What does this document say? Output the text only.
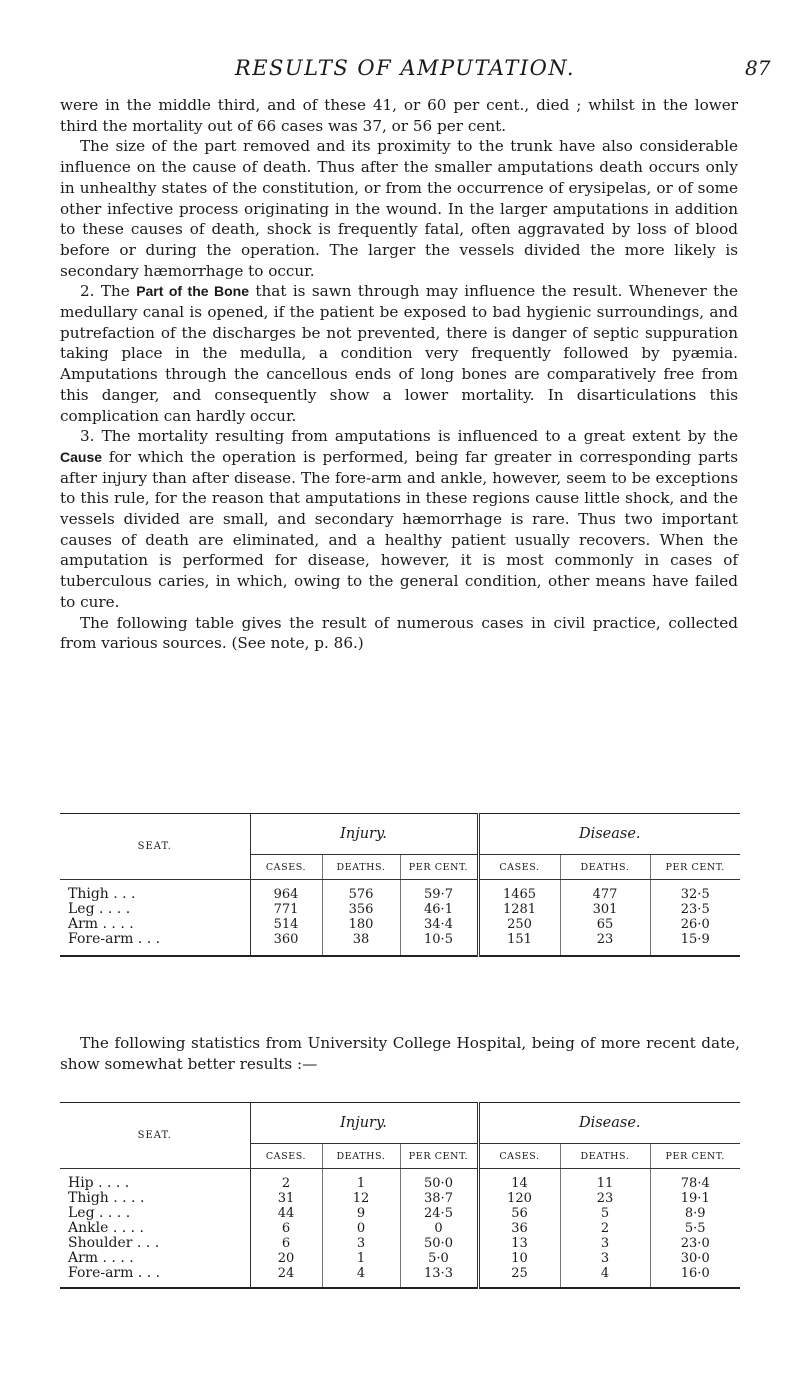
RESULTS OF AMPUTATION.	87

were in the middle third, and of these 41, or 60 per cent., died ; whilst in the lower third the mortality out of 66 cases was 37, or 56 per cent.

The size of the part removed and its proximity to the trunk have also considerable influence on the cause of death. Thus after the smaller amputations death occurs only in unhealthy states of the constitution, or from the occurrence of erysipelas, or of some other infective process originating in the wound. In the larger amputations in addition to these causes of death, shock is frequently fatal, often aggravated by loss of blood before or during the operation. The larger the vessels divided the more likely is secondary hæmorrhage to occur.

2. The Part of the Bone that is sawn through may influence the result. Whenever the medullary canal is opened, if the patient be exposed to bad hygienic surroundings, and putrefaction of the discharges be not prevented, there is danger of septic suppuration taking place in the medulla, a condition very frequently followed by pyæmia. Amputations through the cancellous ends of long bones are comparatively free from this danger, and consequently show a lower mortality. In disarticulations this complication can hardly occur.

3. The mortality resulting from amputations is influenced to a great extent by the Cause for which the operation is performed, being far greater in corresponding parts after injury than after disease. The fore-arm and ankle, however, seem to be exceptions to this rule, for the reason that amputations in these regions cause little shock, and the vessels divided are small, and secondary hæmorrhage is rare. Thus two important causes of death are eliminated, and a healthy patient usually recovers. When the amputation is performed for disease, however, it is most commonly in cases of tuberculous caries, in which, owing to the general condition, other means have failed to cure.

The following table gives the result of numerous cases in civil practice, collected from various sources. (See note, p. 86.)

SEAT.	Injury.			Disease.		
	CASES.	DEATHS.	PER CENT.	CASES.	DEATHS.	PER CENT.
Thigh . . .	964	576	59·7	1465	477	32·5
Leg . . . .	771	356	46·1	1281	301	23·5
Arm . . . .	514	180	34·4	250	65	26·0
Fore-arm . . .	360	38	10·5	151	23	15·9

The following statistics from University College Hospital, being of more recent date, show somewhat better results :—

SEAT.	Injury.			Disease.		
	CASES.	DEATHS.	PER CENT.	CASES.	DEATHS.	PER CENT.
Hip . . . .	2	1	50·0	14	11	78·4
Thigh . . . .	31	12	38·7	120	23	19·1
Leg . . . .	44	9	24·5	56	5	8·9
Ankle . . . .	6	0	0	36	2	5·5
Shoulder . . .	6	3	50·0	13	3	23·0
Arm . . . .	20	1	5·0	10	3	30·0
Fore-arm . . .	24	4	13·3	25	4	16·0
